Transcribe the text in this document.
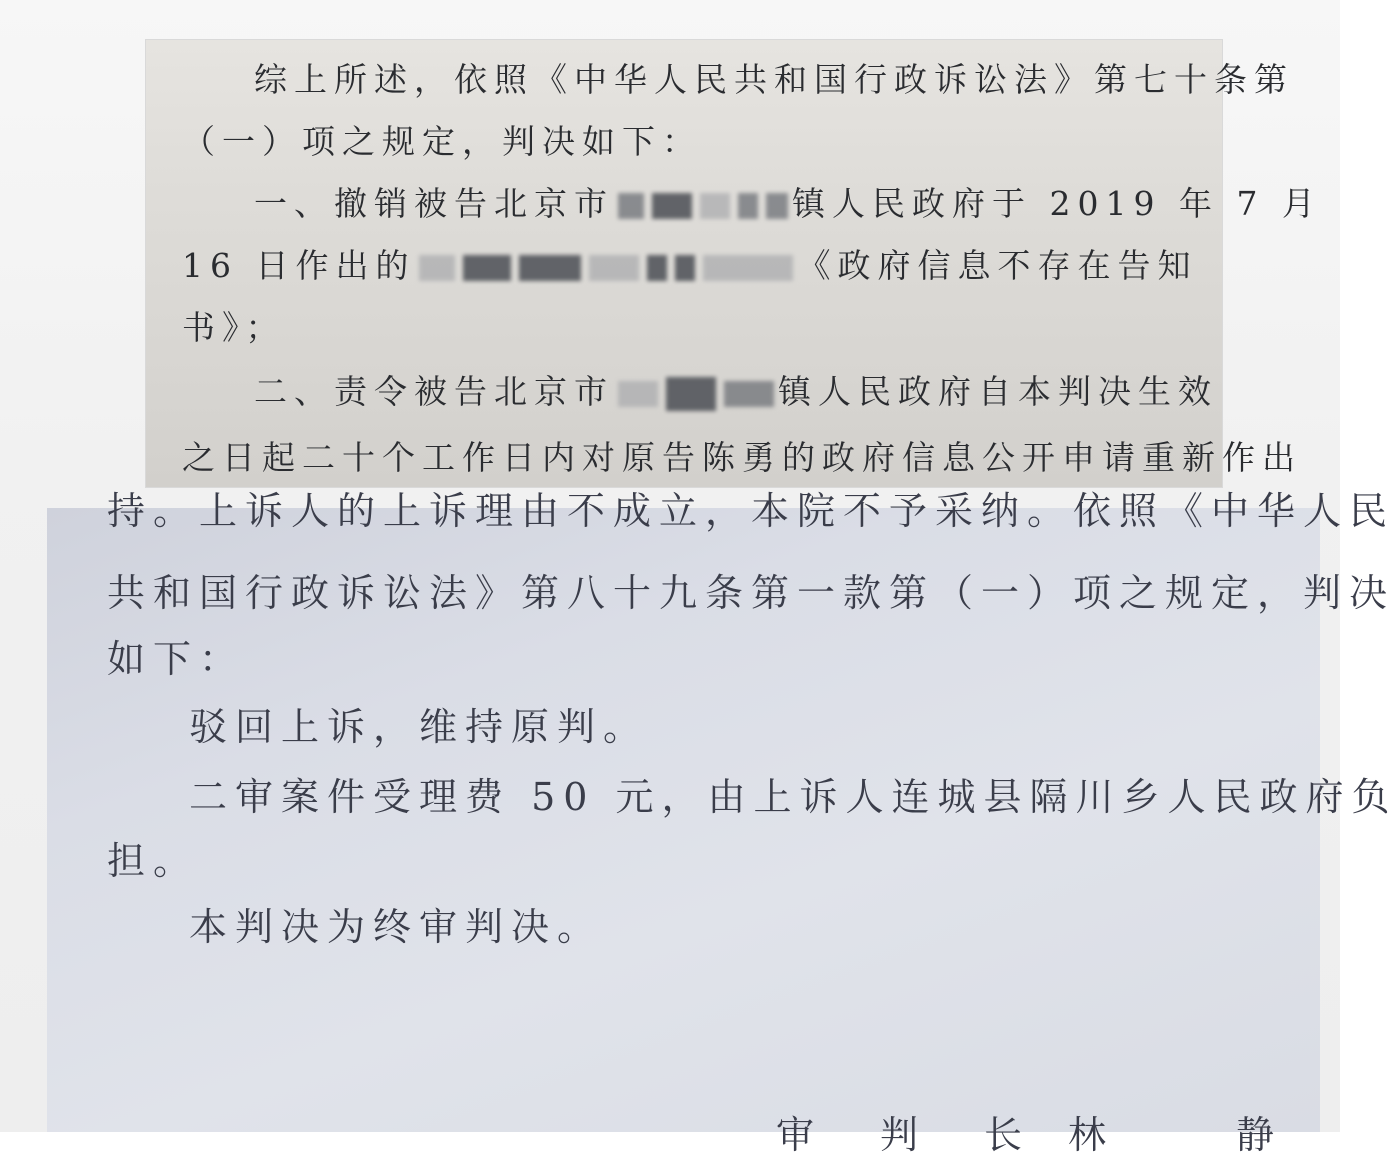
综上所述，依照《中华人民共和国行政诉讼法》第七十条第
（一）项之规定，判决如下：
一、撤销被告北京市	镇人民政府于 2019 年 7 月
16 日作出的	《政府信息不存在告知
书》；
二、责令被告北京市	镇人民政府自本判决生效
之日起二十个工作日内对原告陈勇的政府信息公开申请重新作出
持。上诉人的上诉理由不成立，本院不予采纳。依照《中华人民
共和国行政诉讼法》第八十九条第一款第（一）项之规定，判决
如下：
驳回上诉，维持原判。
二审案件受理费 50 元，由上诉人连城县隔川乡人民政府负
担。
本判决为终审判决。
审　判　长 林	静
